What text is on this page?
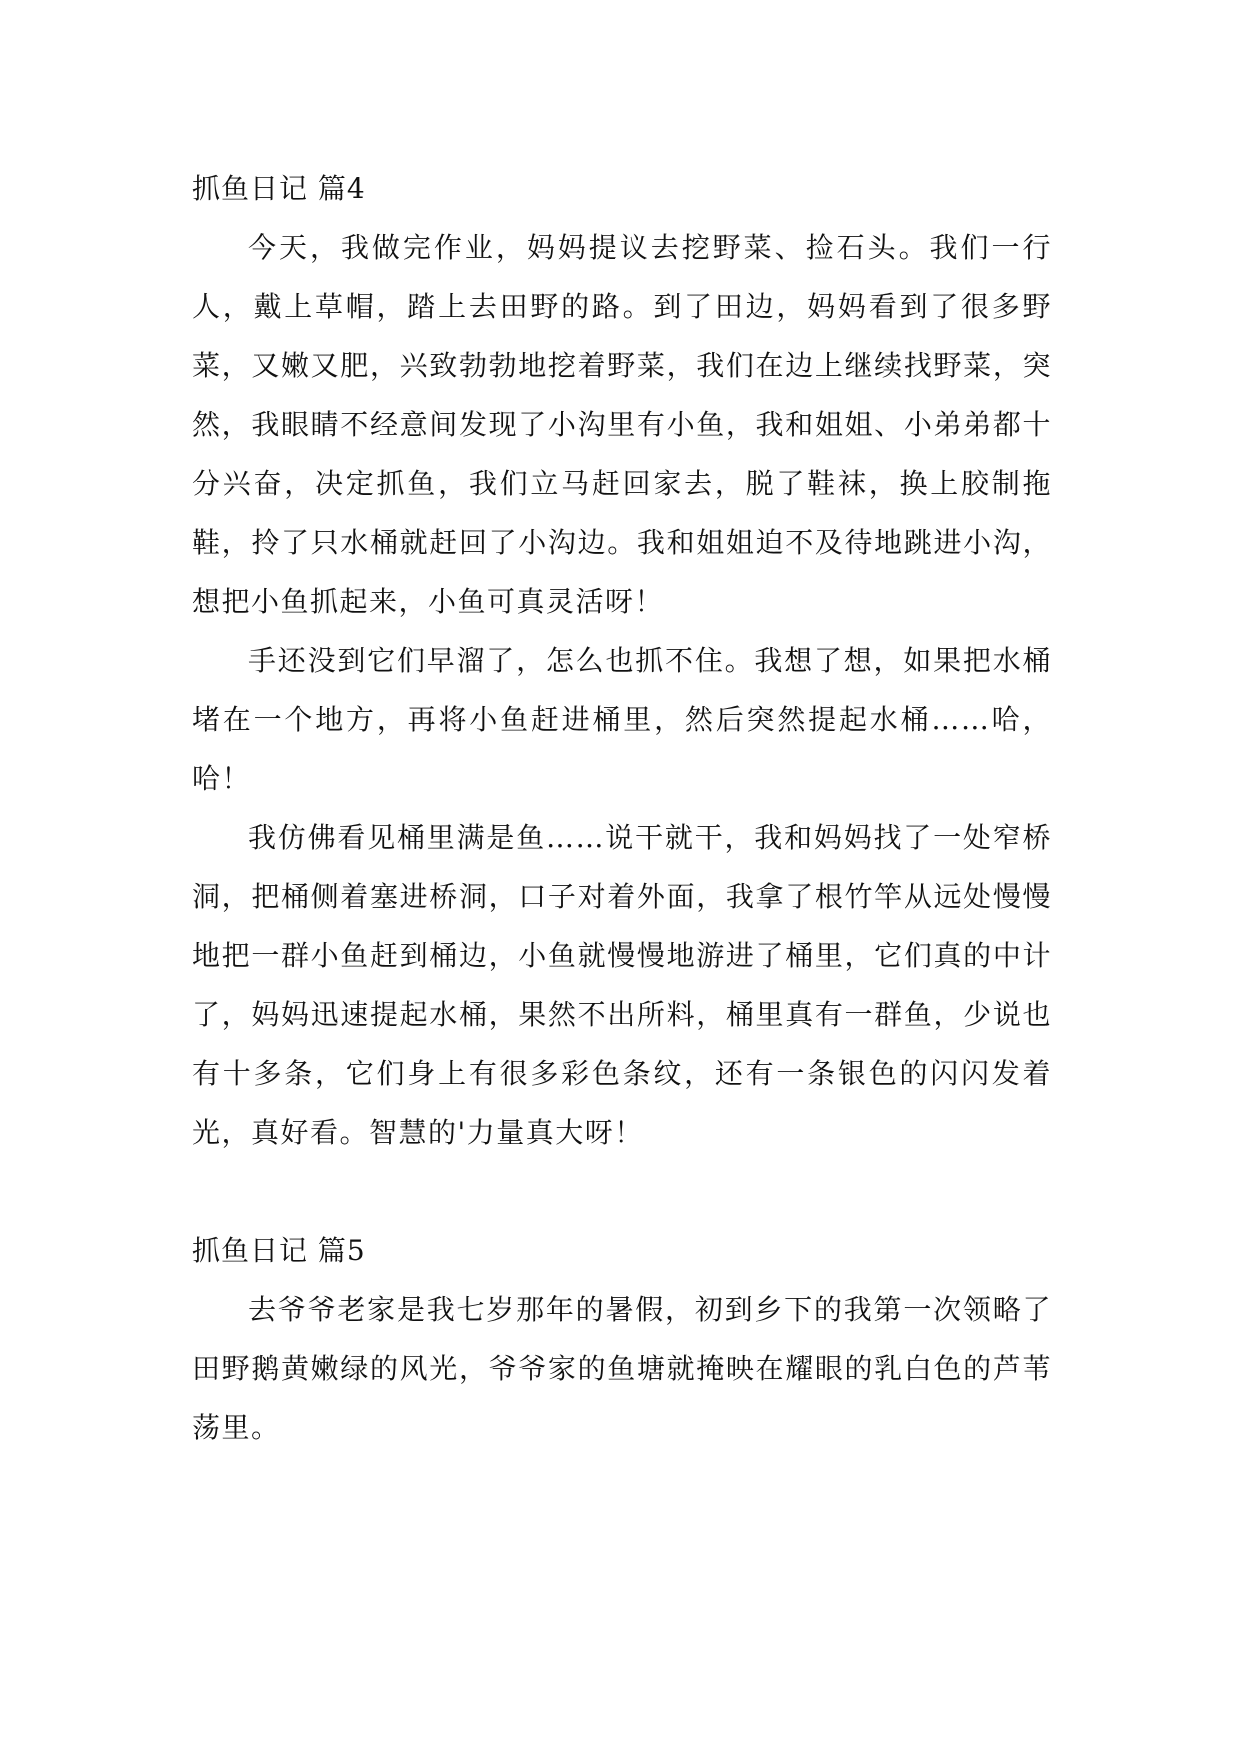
抓鱼日记 篇4

今天，我做完作业，妈妈提议去挖野菜、捡石头。我们一行人，戴上草帽，踏上去田野的路。到了田边，妈妈看到了很多野菜，又嫩又肥，兴致勃勃地挖着野菜，我们在边上继续找野菜，突然，我眼睛不经意间发现了小沟里有小鱼，我和姐姐、小弟弟都十分兴奋，决定抓鱼，我们立马赶回家去，脱了鞋袜，换上胶制拖鞋，拎了只水桶就赶回了小沟边。我和姐姐迫不及待地跳进小沟，想把小鱼抓起来，小鱼可真灵活呀！

手还没到它们早溜了，怎么也抓不住。我想了想，如果把水桶堵在一个地方，再将小鱼赶进桶里，然后突然提起水桶……哈，哈！

我仿佛看见桶里满是鱼……说干就干，我和妈妈找了一处窄桥洞，把桶侧着塞进桥洞，口子对着外面，我拿了根竹竿从远处慢慢地把一群小鱼赶到桶边，小鱼就慢慢地游进了桶里，它们真的中计了，妈妈迅速提起水桶，果然不出所料，桶里真有一群鱼，少说也有十多条，它们身上有很多彩色条纹，还有一条银色的闪闪发着光，真好看。智慧的'力量真大呀！

抓鱼日记 篇5

去爷爷老家是我七岁那年的暑假，初到乡下的我第一次领略了田野鹅黄嫩绿的风光，爷爷家的鱼塘就掩映在耀眼的乳白色的芦苇荡里。
